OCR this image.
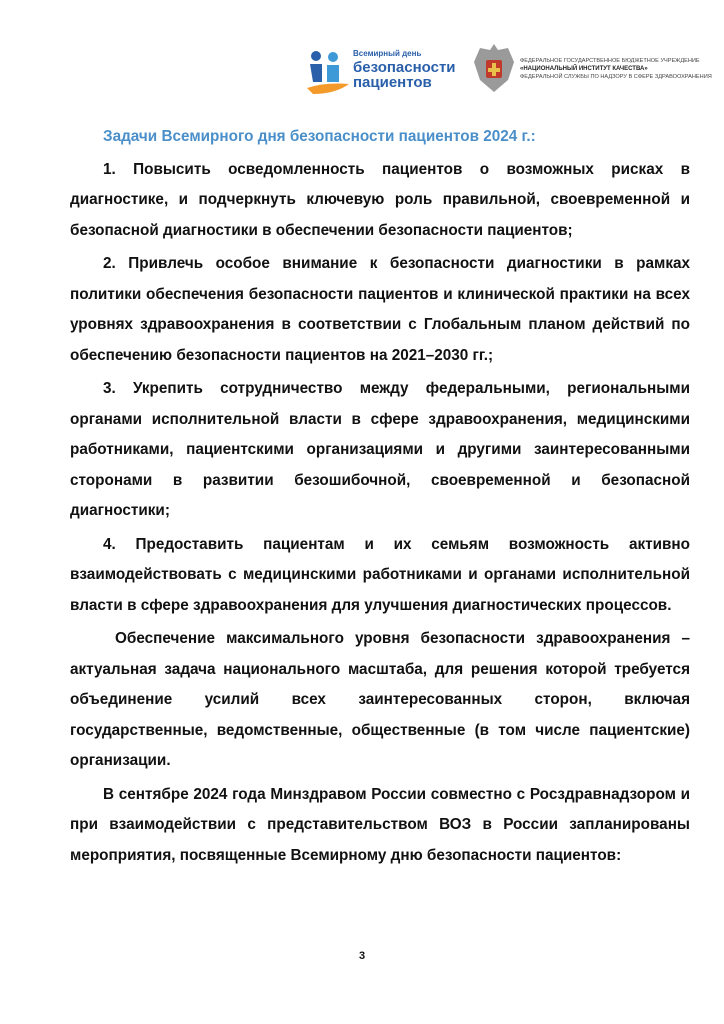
Всемирный день
безопасности
пациентов
ФЕДЕРАЛЬНОЕ ГОСУДАРСТВЕННОЕ БЮДЖЕТНОЕ УЧРЕЖДЕНИЕ
«НАЦИОНАЛЬНЫЙ ИНСТИТУТ КАЧЕСТВА»
ФЕДЕРАЛЬНОЙ СЛУЖБЫ ПО НАДЗОРУ В СФЕРЕ ЗДРАВООХРАНЕНИЯ
Задачи Всемирного дня безопасности пациентов 2024 г.:

1. Повысить осведомленность пациентов о возможных рисках в диагностике, и подчеркнуть ключевую роль правильной, своевременной и безопасной диагностики в обеспечении безопасности пациентов;

2. Привлечь особое внимание к безопасности диагностики в рамках политики обеспечения безопасности пациентов и клинической практики на всех уровнях здравоохранения в соответствии с Глобальным планом действий по обеспечению безопасности пациентов на 2021–2030 гг.;

3. Укрепить сотрудничество между федеральными, региональными органами исполнительной власти в сфере здравоохранения, медицинскими работниками, пациентскими организациями и другими заинтересованными сторонами в развитии безошибочной, своевременной и безопасной диагностики;

4. Предоставить пациентам и их семьям возможность активно взаимодействовать с медицинскими работниками и органами исполнительной власти в сфере здравоохранения для улучшения диагностических процессов.

Обеспечение максимального уровня безопасности здравоохранения – актуальная задача национального масштаба, для решения которой требуется объединение усилий всех заинтересованных сторон, включая государственные, ведомственные, общественные (в том числе пациентские) организации.

В сентябре 2024 года Минздравом России совместно с Росздравнадзором и при взаимодействии с представительством ВОЗ в России запланированы мероприятия, посвященные Всемирному дню безопасности пациентов:

3
